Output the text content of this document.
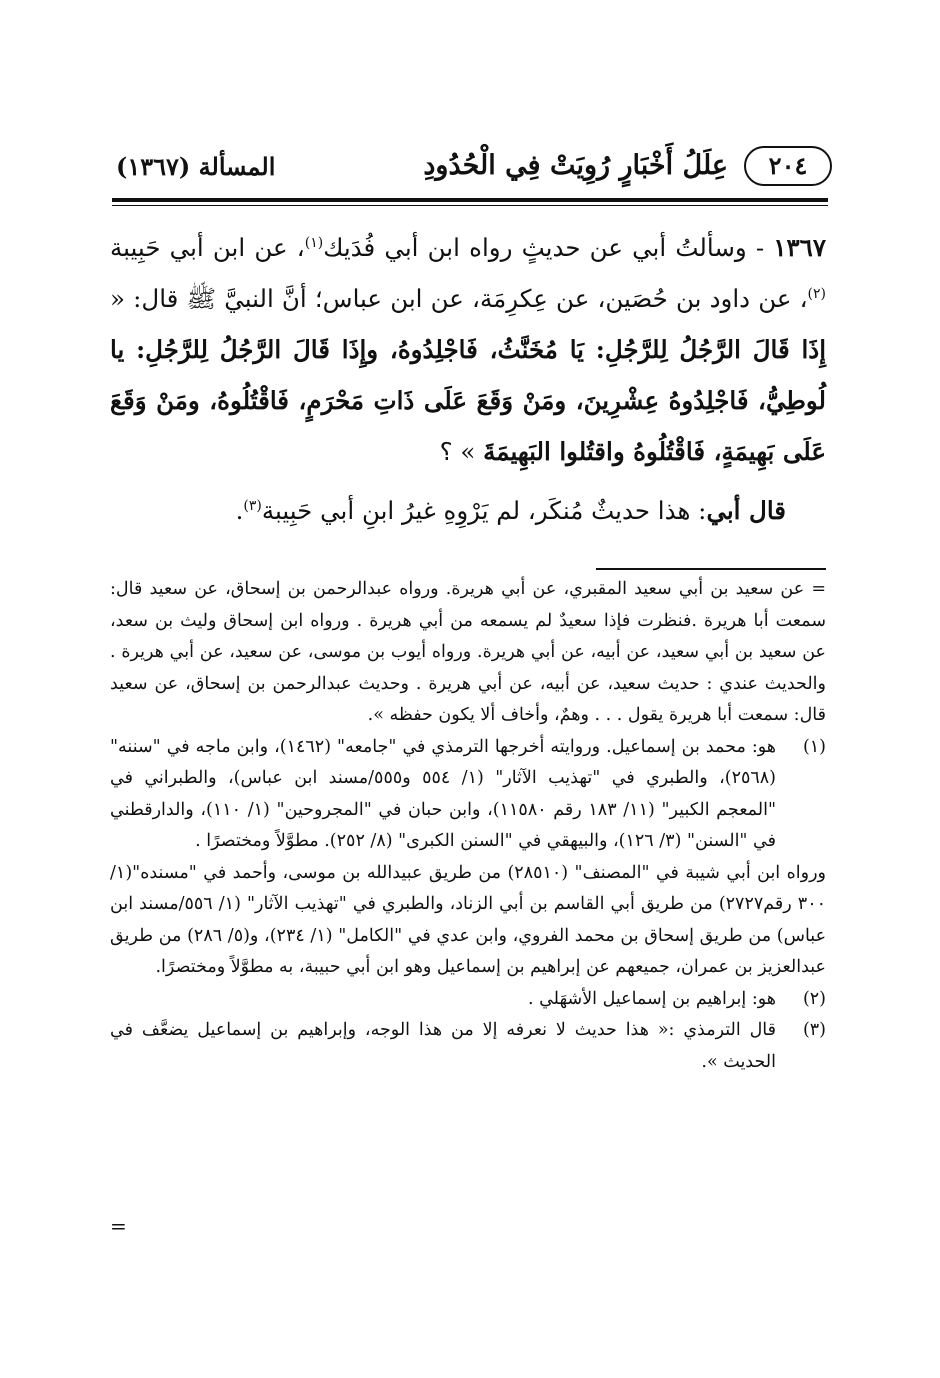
٢٠٤
عِلَلُ أَخْبَارٍ رُوِيَتْ فِي الْحُدُودِ
المسألة (١٣٦٧)

١٣٦٧ - وسألتُ أبي عن حديثٍ رواه ابن أبي فُدَيك$^{(١)}$، عن ابن أبي حَبِيبة $^{(٢)}$، عن داود بن حُصَين، عن عِكرِمَة، عن ابن عباس؛ أنَّ النبيَّ ﷺ قال: « إِذَا قَالَ الرَّجُلُ لِلرَّجُلِ: يَا مُخَنَّثُ، فَاجْلِدُوهُ، وإِذَا قَالَ الرَّجُلُ لِلرَّجُلِ: يا لُوطِيُّ، فَاجْلِدُوهُ عِشْرِينَ، ومَنْ وَقَعَ عَلَى ذَاتِ مَحْرَمٍ، فَاقْتُلُوهُ، ومَنْ وَقَعَ عَلَى بَهِيمَةٍ، فَاقْتُلُوهُ واقتُلوا البَهِيمَةَ » ؟

قال أبي: هذا حديثٌ مُنكَر، لم يَرْوِهِ غيرُ ابنِ أبي حَبِيبة$^{(٣)}$.

= عن سعيد بن أبي سعيد المقبري، عن أبي هريرة. ورواه عبدالرحمن بن إسحاق، عن سعيد قال: سمعت أبا هريرة .فنظرت فإذا سعيدٌ لم يسمعه من أبي هريرة . ورواه ابن إسحاق وليث بن سعد، عن سعيد بن أبي سعيد، عن أبيه، عن أبي هريرة. ورواه أيوب بن موسى، عن سعيد، عن أبي هريرة . والحديث عندي : حديث سعيد، عن أبيه، عن أبي هريرة . وحديث عبدالرحمن بن إسحاق، عن سعيد قال: سمعت أبا هريرة يقول . . . وهمٌ، وأخاف ألا يكون حفظه ».

(١)
هو: محمد بن إسماعيل. وروايته أخرجها الترمذي في "جامعه" (١٤٦٢)، وابن ماجه في "سننه" (٢٥٦٨)، والطبري في "تهذيب الآثار" (١/ ٥٥٤ و٥٥٥/مسند ابن عباس)، والطبراني في "المعجم الكبير" (١١/ ١٨٣ رقم ١١٥٨٠)، وابن حبان في "المجروحين" (١/ ١١٠)، والدارقطني في "السنن" (٣/ ١٢٦)، والبيهقي في "السنن الكبرى" (٨/ ٢٥٢). مطوَّلاً ومختصرًا .

ورواه ابن أبي شيبة في "المصنف" (٢٨٥١٠) من طريق عبيدالله بن موسى، وأحمد في "مسنده"(١/ ٣٠٠ رقم٢٧٢٧) من طريق أبي القاسم بن أبي الزناد، والطبري في "تهذيب الآثار" (١/ ٥٥٦/مسند ابن عباس) من طريق إسحاق بن محمد الفروي، وابن عدي في "الكامل" (١/ ٢٣٤)، و(٥/ ٢٨٦) من طريق عبدالعزيز بن عمران، جميعهم عن إبراهيم بن إسماعيل وهو ابن أبي حبيبة، به مطوَّلاً ومختصرًا.

(٢)
هو: إبراهيم بن إسماعيل الأشهَلي .

(٣)
قال الترمذي :« هذا حديث لا نعرفه إلا من هذا الوجه، وإبراهيم بن إسماعيل يضعَّف في الحديث ».

=
